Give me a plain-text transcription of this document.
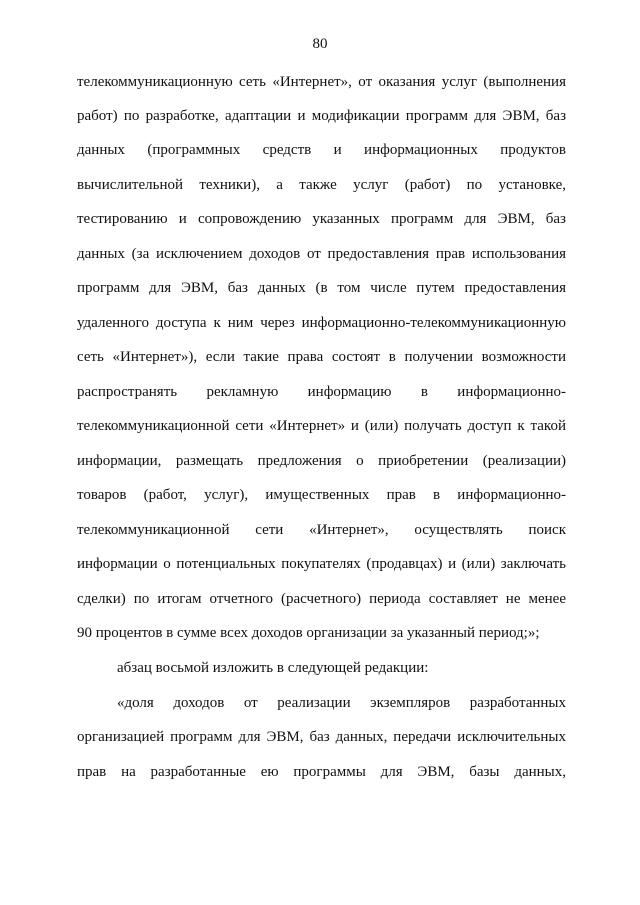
80
телекоммуникационную сеть «Интернет», от оказания услуг (выполнения
работ) по разработке, адаптации и модификации программ для ЭВМ, баз
данных (программных средств и информационных продуктов
вычислительной техники), а также услуг (работ) по установке,
тестированию и сопровождению указанных программ для ЭВМ, баз
данных (за исключением доходов от предоставления прав использования
программ для ЭВМ, баз данных (в том числе путем предоставления
удаленного доступа к ним через информационно-телекоммуникационную
сеть «Интернет»), если такие права состоят в получении возможности
распространять рекламную информацию в информационно-
телекоммуникационной сети «Интернет» и (или) получать доступ к такой
информации, размещать предложения о приобретении (реализации)
товаров (работ, услуг), имущественных прав в информационно-
телекоммуникационной сети «Интернет», осуществлять поиск
информации о потенциальных покупателях (продавцах) и (или) заключать
сделки) по итогам отчетного (расчетного) периода составляет не менее
90 процентов в сумме всех доходов организации за указанный период;»;
абзац восьмой изложить в следующей редакции:
«доля доходов от реализации экземпляров разработанных
организацией программ для ЭВМ, баз данных, передачи исключительных
прав на разработанные ею программы для ЭВМ, базы данных,
